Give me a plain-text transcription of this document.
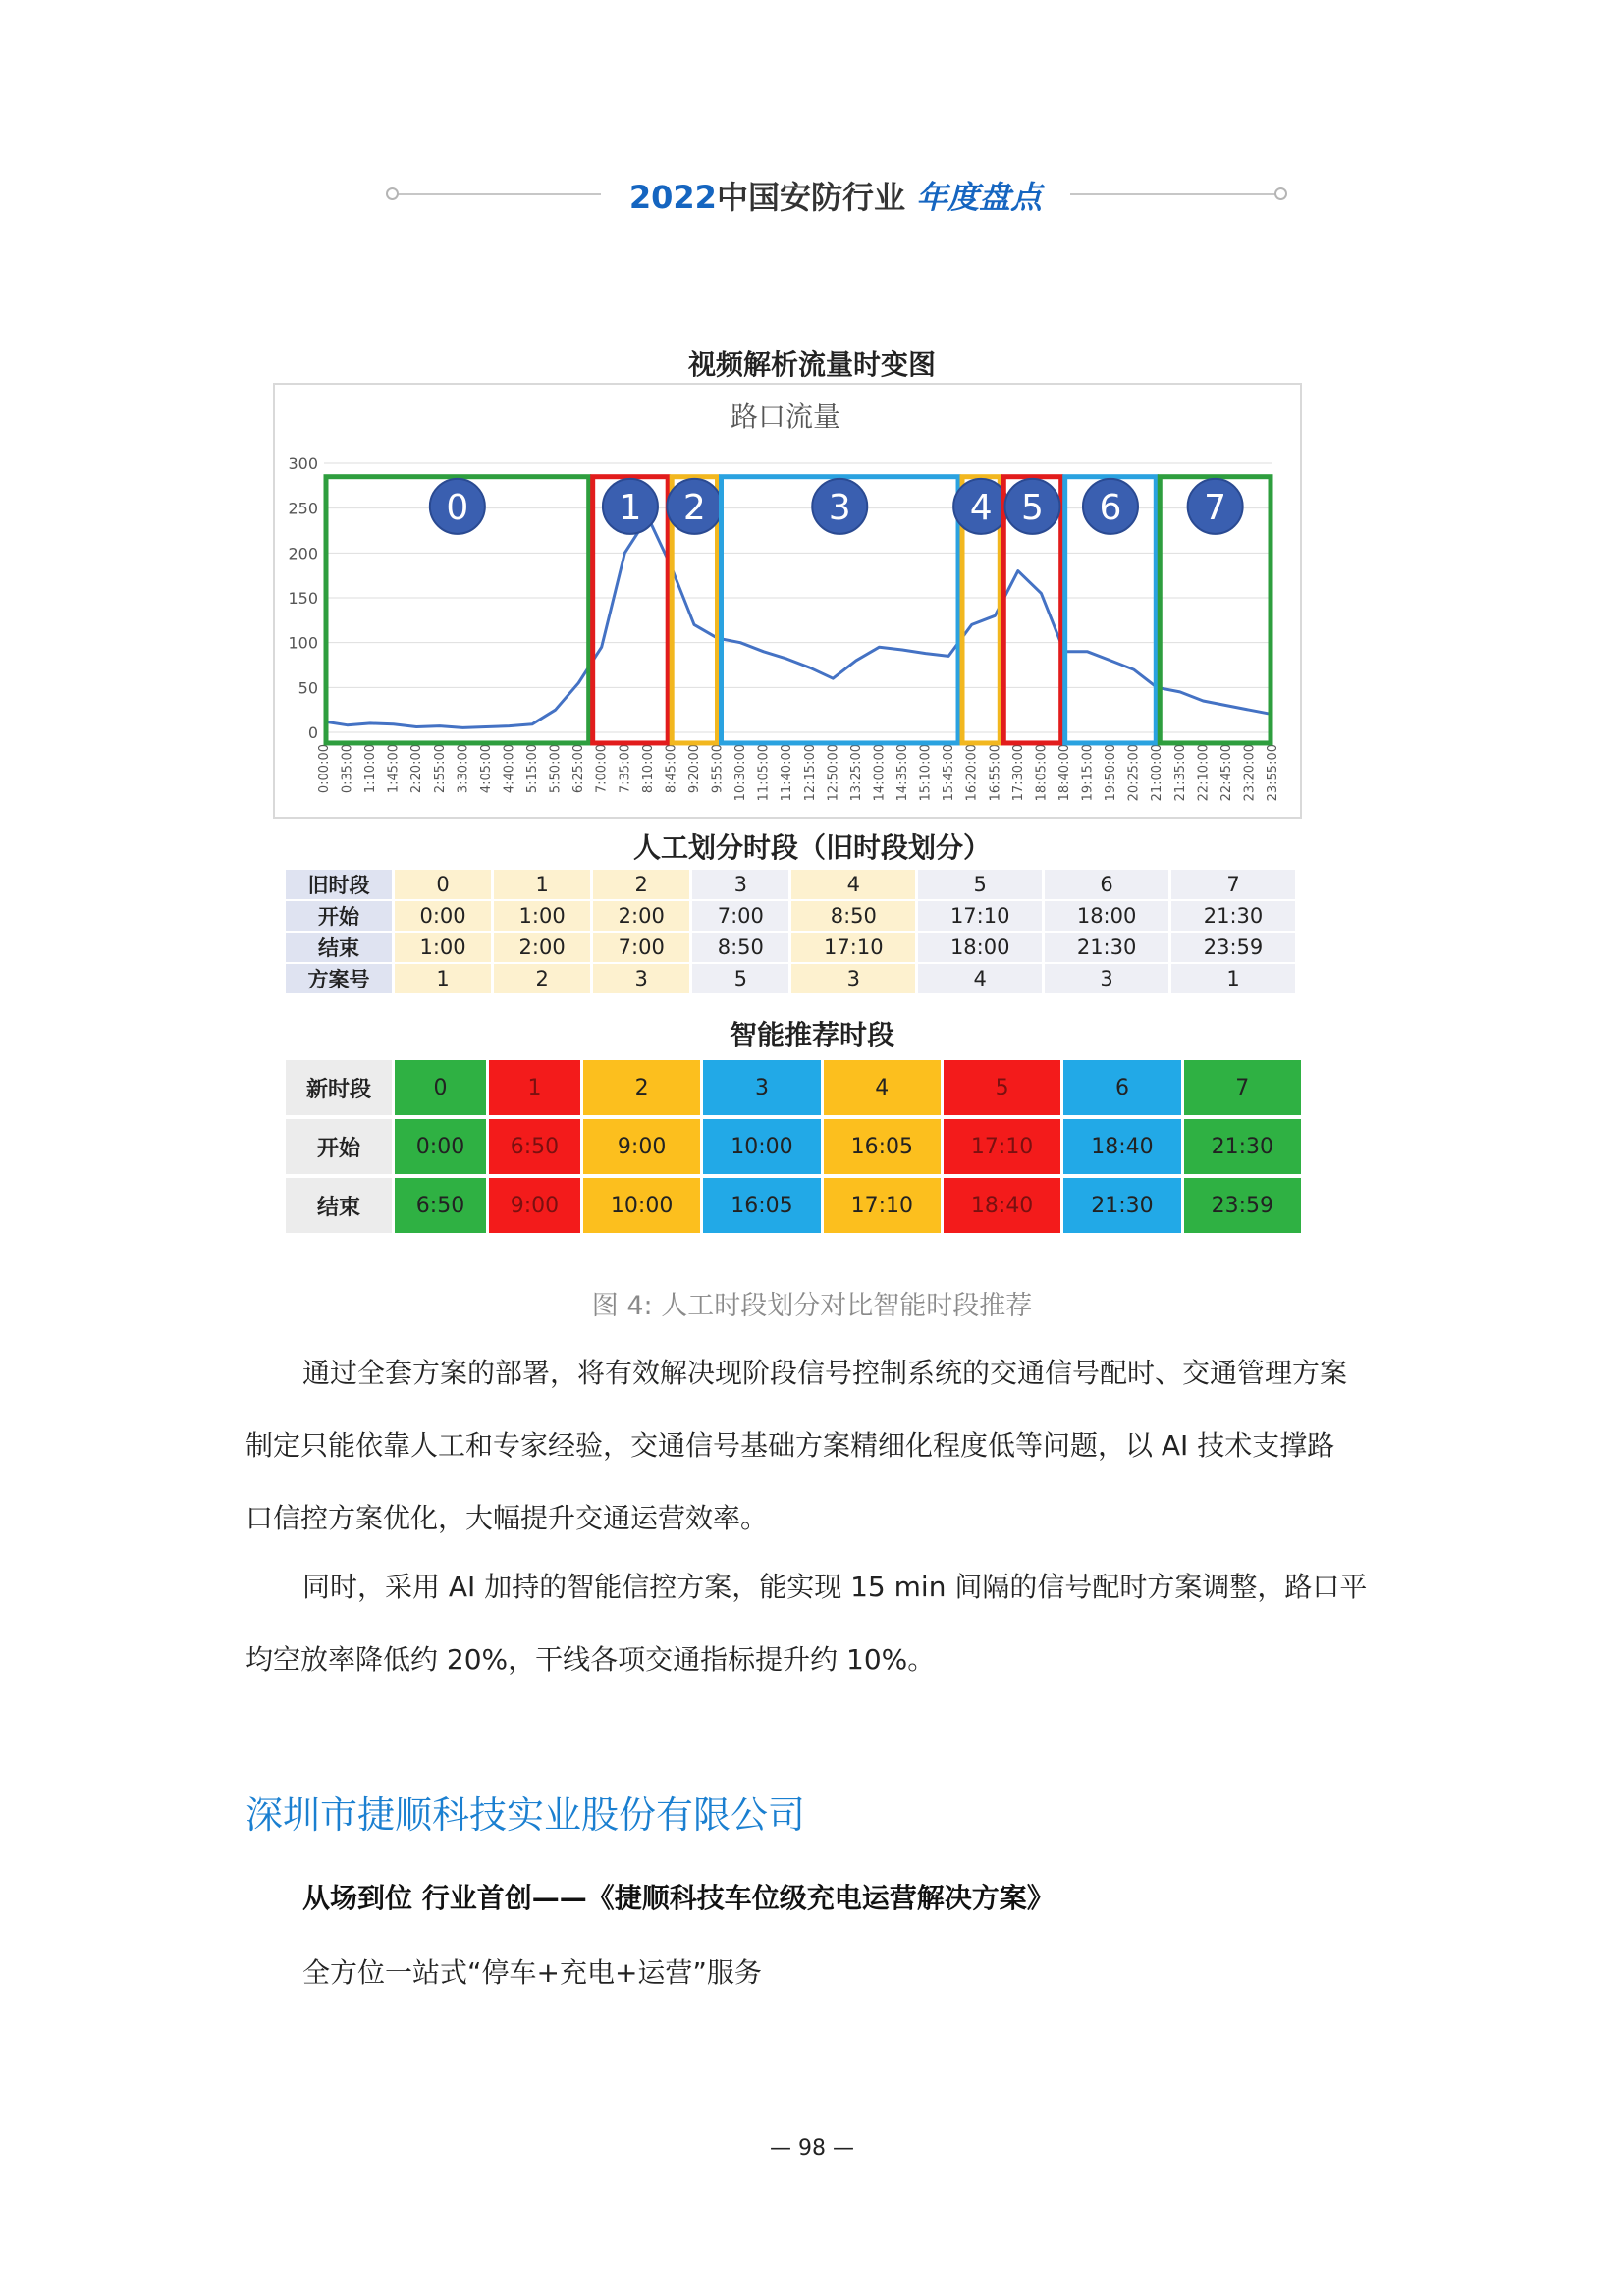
2022中国安防行业 年度盘点
视频解析流量时变图
路口流量
0
50
100
150
200
250
300
0:00:00 0:35:00 1:10:00 1:45:00 2:20:00 2:55:00 3:30:00 4:05:00 4:40:00 5:15:00 5:50:00 6:25:00 7:00:00 7:35:00 8:10:00 8:45:00 9:20:00 9:55:00 10:30:00 11:05:00 11:40:00 12:15:00 12:50:00 13:25:00 14:00:00 14:35:00 15:10:00 15:45:00 16:20:00 16:55:00 17:30:00 18:05:00 18:40:00 19:15:00 19:50:00 20:25:00 21:00:00 21:35:00 22:10:00 22:45:00 23:20:00 23:55:00
0	1 2	3	4 5 6 7
人工划分时段（旧时段划分）
旧时段	0	1	2	3	4	5	6	7
开始	0:00	1:00	2:00	7:00	8:50	17:10	18:00	21:30
结束	1:00	2:00	7:00	8:50	17:10	18:00	21:30	23:59
方案号	1	2	3	5	3	4	3	1
智能推荐时段
新时段	0	1	2	3	4	5	6	7
开始	0:00	6:50	9:00	10:00	16:05	17:10	18:40	21:30
结束	6:50	9:00	10:00	16:05	17:10	18:40	21:30	23:59
图 4: 人工时段划分对比智能时段推荐
通过全套方案的部署，将有效解决现阶段信号控制系统的交通信号配时、交通管理方案
制定只能依靠人工和专家经验，交通信号基础方案精细化程度低等问题，以 AI 技术支撑路
口信控方案优化，大幅提升交通运营效率。
同时，采用 AI 加持的智能信控方案，能实现 15 min 间隔的信号配时方案调整，路口平
均空放率降低约 20%，干线各项交通指标提升约 10%。
深圳市捷顺科技实业股份有限公司
从场到位 行业首创——《捷顺科技车位级充电运营解决方案》
全方位一站式“停车+充电+运营”服务
— 98 —
